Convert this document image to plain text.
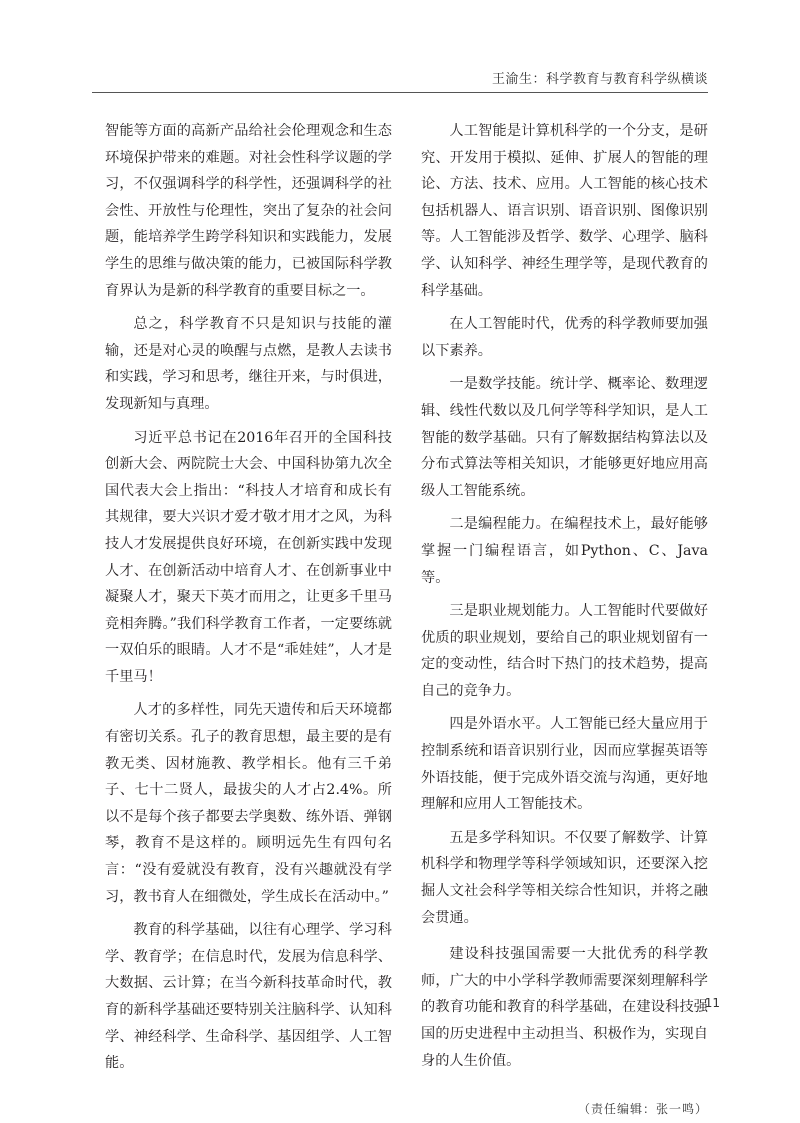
王渝生：科学教育与教育科学纵横谈

智能等方面的高新产品给社会伦理观念和生态环境保护带来的难题。对社会性科学议题的学习，不仅强调科学的科学性，还强调科学的社会性、开放性与伦理性，突出了复杂的社会问题，能培养学生跨学科知识和实践能力，发展学生的思维与做决策的能力，已被国际科学教育界认为是新的科学教育的重要目标之一。

总之，科学教育不只是知识与技能的灌输，还是对心灵的唤醒与点燃，是教人去读书和实践，学习和思考，继往开来，与时俱进，发现新知与真理。

习近平总书记在2016年召开的全国科技创新大会、两院院士大会、中国科协第九次全国代表大会上指出：“科技人才培育和成长有其规律，要大兴识才爱才敬才用才之风，为科技人才发展提供良好环境，在创新实践中发现人才、在创新活动中培育人才、在创新事业中凝聚人才，聚天下英才而用之，让更多千里马竞相奔腾。”我们科学教育工作者，一定要练就一双伯乐的眼睛。人才不是“乖娃娃”，人才是千里马！

人才的多样性，同先天遗传和后天环境都有密切关系。孔子的教育思想，最主要的是有教无类、因材施教、教学相长。他有三千弟子、七十二贤人，最拔尖的人才占2.4%。所以不是每个孩子都要去学奥数、练外语、弹钢琴，教育不是这样的。顾明远先生有四句名言：“没有爱就没有教育，没有兴趣就没有学习，教书育人在细微处，学生成长在活动中。”

教育的科学基础，以往有心理学、学习科学、教育学；在信息时代，发展为信息科学、大数据、云计算；在当今新科技革命时代，教育的新科学基础还要特别关注脑科学、认知科学、神经科学、生命科学、基因组学、人工智能。

人工智能是计算机科学的一个分支，是研究、开发用于模拟、延伸、扩展人的智能的理论、方法、技术、应用。人工智能的核心技术包括机器人、语言识别、语音识别、图像识别等。人工智能涉及哲学、数学、心理学、脑科学、认知科学、神经生理学等，是现代教育的科学基础。

在人工智能时代，优秀的科学教师要加强以下素养。

一是数学技能。统计学、概率论、数理逻辑、线性代数以及几何学等科学知识，是人工智能的数学基础。只有了解数据结构算法以及分布式算法等相关知识，才能够更好地应用高级人工智能系统。

二是编程能力。在编程技术上，最好能够掌握一门编程语言，如Python、C、Java等。

三是职业规划能力。人工智能时代要做好优质的职业规划，要给自己的职业规划留有一定的变动性，结合时下热门的技术趋势，提高自己的竞争力。

四是外语水平。人工智能已经大量应用于控制系统和语音识别行业，因而应掌握英语等外语技能，便于完成外语交流与沟通，更好地理解和应用人工智能技术。

五是多学科知识。不仅要了解数学、计算机科学和物理学等科学领域知识，还要深入挖掘人文社会科学等相关综合性知识，并将之融会贯通。

建设科技强国需要一大批优秀的科学教师，广大的中小学科学教师需要深刻理解科学的教育功能和教育的科学基础，在建设科技强国的历史进程中主动担当、积极作为，实现自身的人生价值。

（责任编辑：张一鸣）

11
